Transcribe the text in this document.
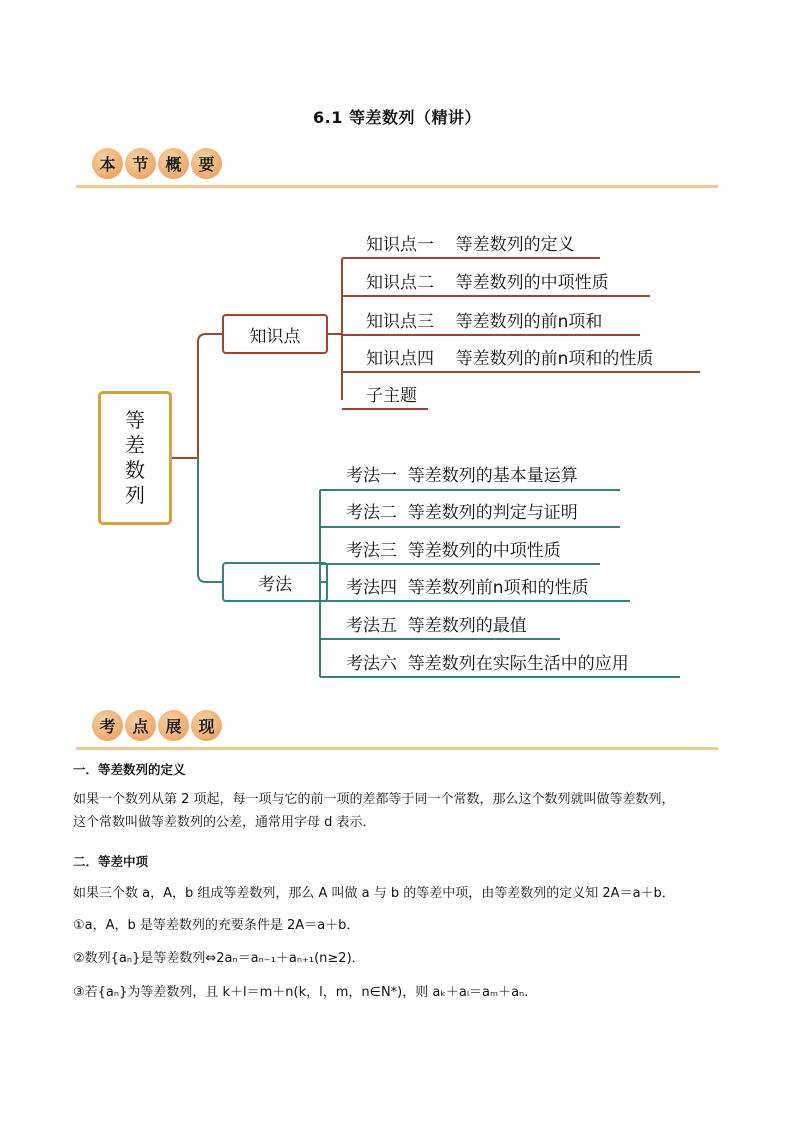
6.1 等差数列（精讲）
本	节	概	要
等
差
数
列
知识点
考法
知识点一    等差数列的定义
知识点二    等差数列的中项性质
知识点三    等差数列的前n项和
知识点四    等差数列的前n项和的性质
子主题
考法一  等差数列的基本量运算
考法二  等差数列的判定与证明
考法三  等差数列的中项性质
考法四  等差数列前n项和的性质
考法五  等差数列的最值
考法六  等差数列在实际生活中的应用
考	点	展	现

一．等差数列的定义

如果一个数列从第 2 项起，每一项与它的前一项的差都等于同一个常数，那么这个数列就叫做等差数列，

这个常数叫做等差数列的公差，通常用字母 d 表示．

二．等差中项

如果三个数 a，A，b 组成等差数列，那么 A 叫做 a 与 b 的等差中项，由等差数列的定义知 2A＝a＋b．

①a，A，b 是等差数列的充要条件是 2A＝a＋b．

②数列{aₙ}是等差数列⇔2aₙ＝aₙ₋₁＋aₙ₊₁(n≥2)．

③若{aₙ}为等差数列，且 k＋l＝m＋n(k，l，m，n∈N*)，则 aₖ＋aₗ＝aₘ＋aₙ.
